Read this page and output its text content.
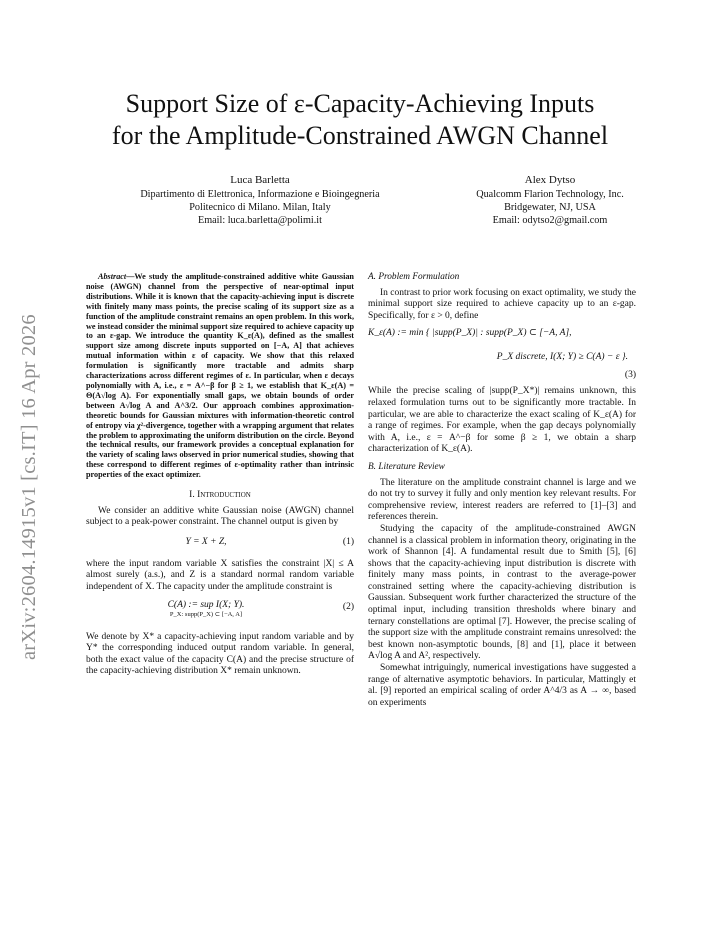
arXiv:2604.14915v1 [cs.IT] 16 Apr 2026
Support Size of ε-Capacity-Achieving Inputs
for the Amplitude-Constrained AWGN Channel
Luca Barletta
Dipartimento di Elettronica, Informazione e Bioingegneria
Politecnico di Milano. Milan, Italy
Email: luca.barletta@polimi.it
Alex Dytso
Qualcomm Flarion Technology, Inc.
Bridgewater, NJ, USA
Email: odytso2@gmail.com

Abstract—We study the amplitude-constrained additive white Gaussian noise (AWGN) channel from the perspective of near-optimal input distributions. While it is known that the capacity-achieving input is discrete with finitely many mass points, the precise scaling of its support size as a function of the amplitude constraint remains an open problem. In this work, we instead consider the minimal support size required to achieve capacity up to an ε-gap. We introduce the quantity K_ε(A), defined as the smallest support size among discrete inputs supported on [−A, A] that achieves mutual information within ε of capacity. We show that this relaxed formulation is significantly more tractable and admits sharp characterizations across different regimes of ε. In particular, when ε decays polynomially with A, i.e., ε = A^−β for β ≥ 1, we establish that K_ε(A) = Θ(A√log A). For exponentially small gaps, we obtain bounds of order between A√log A and A^3/2. Our approach combines approximation-theoretic bounds for Gaussian mixtures with information-theoretic control of entropy via χ²-divergence, together with a wrapping argument that relates the problem to approximating the uniform distribution on the circle. Beyond the technical results, our framework provides a conceptual explanation for the variety of scaling laws observed in prior numerical studies, showing that these correspond to different regimes of ε-optimality rather than intrinsic properties of the exact optimizer.

I. Introduction

We consider an additive white Gaussian noise (AWGN) channel subject to a peak-power constraint. The channel output is given by

Y = X + Z,	(1)

where the input random variable X satisfies the constraint |X| ≤ A almost surely (a.s.), and Z is a standard normal random variable independent of X. The capacity under the amplitude constraint is

C(A) := sup I(X; Y).
P_X: supp(P_X) ⊂ [−A, A]
(2)

We denote by X* a capacity-achieving input random variable and by Y* the corresponding induced output random variable. In general, both the exact value of the capacity C(A) and the precise structure of the capacity-achieving distribution X* remain unknown.

A. Problem Formulation

In contrast to prior work focusing on exact optimality, we study the minimal support size required to achieve capacity up to an ε-gap. Specifically, for ε > 0, define

K_ε(A) := min { |supp(P_X)| : supp(P_X) ⊂ [−A, A],
P_X discrete, I(X; Y) ≥ C(A) − ε }.
(3)

While the precise scaling of |supp(P_X*)| remains unknown, this relaxed formulation turns out to be significantly more tractable. In particular, we are able to characterize the exact scaling of K_ε(A) for a range of regimes. For example, when the gap decays polynomially with A, i.e., ε = A^−β for some β ≥ 1, we obtain a sharp characterization of K_ε(A).

B. Literature Review

The literature on the amplitude constraint channel is large and we do not try to survey it fully and only mention key relevant results. For comprehensive review, interest readers are referred to [1]–[3] and references therein.

Studying the capacity of the amplitude-constrained AWGN channel is a classical problem in information theory, originating in the work of Shannon [4]. A fundamental result due to Smith [5], [6] shows that the capacity-achieving input distribution is discrete with finitely many mass points, in contrast to the average-power constrained setting where the capacity-achieving distribution is Gaussian. Subsequent work further characterized the structure of the optimal input, including transition thresholds where binary and ternary constellations are optimal [7]. However, the precise scaling of the support size with the amplitude constraint remains unresolved: the best known non-asymptotic bounds, [8] and [1], place it between A√log A and A², respectively.

Somewhat intriguingly, numerical investigations have suggested a range of alternative asymptotic behaviors. In particular, Mattingly et al. [9] reported an empirical scaling of order A^4/3 as A → ∞, based on experiments
